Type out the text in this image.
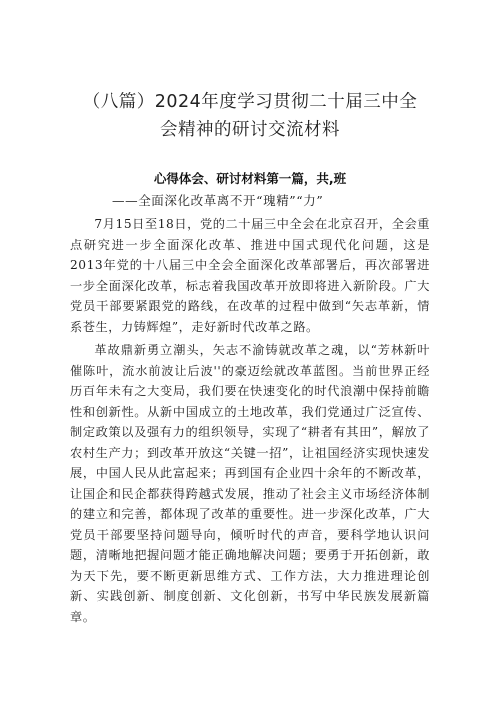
（八篇）2024年度学习贯彻二十届三中全
会精神的研讨交流材料
心得体会、研讨材料第一篇，共,班
——全面深化改革离不开“瑰精”“力”

7月15日至18日，党的二十届三中全会在北京召开，全会重点研究进一步全面深化改革、推进中国式现代化问题，这是2013年党的十八届三中全会全面深化改革部署后，再次部署进一步全面深化改革，标志着我国改革开放即将进入新阶段。广大党员干部要紧跟党的路线，在改革的过程中做到“矢志革新，情系苍生，力铸辉煌”，走好新时代改革之路。

革故鼎新勇立潮头，矢志不渝铸就改革之魂，以“芳林新叶催陈叶，流水前波让后波''的豪迈绘就改革蓝图。当前世界正经历百年未有之大变局，我们要在快速变化的时代浪潮中保持前瞻性和创新性。从新中国成立的土地改革，我们党通过广泛宣传、制定政策以及强有力的组织领导，实现了“耕者有其田”，解放了农村生产力；到改革开放这“关键一招”，让祖国经济实现快速发展，中国人民从此富起来；再到国有企业四十余年的不断改革，让国企和民企都获得跨越式发展，推动了社会主义市场经济体制的建立和完善，都体现了改革的重要性。进一步深化改革，广大党员干部要坚持问题导向，倾听时代的声音，要科学地认识问题，清晰地把握问题才能正确地解决问题；要勇于开拓创新，敢为天下先，要不断更新思维方式、工作方法，大力推进理论创新、实践创新、制度创新、文化创新，书写中华民族发展新篇章。
